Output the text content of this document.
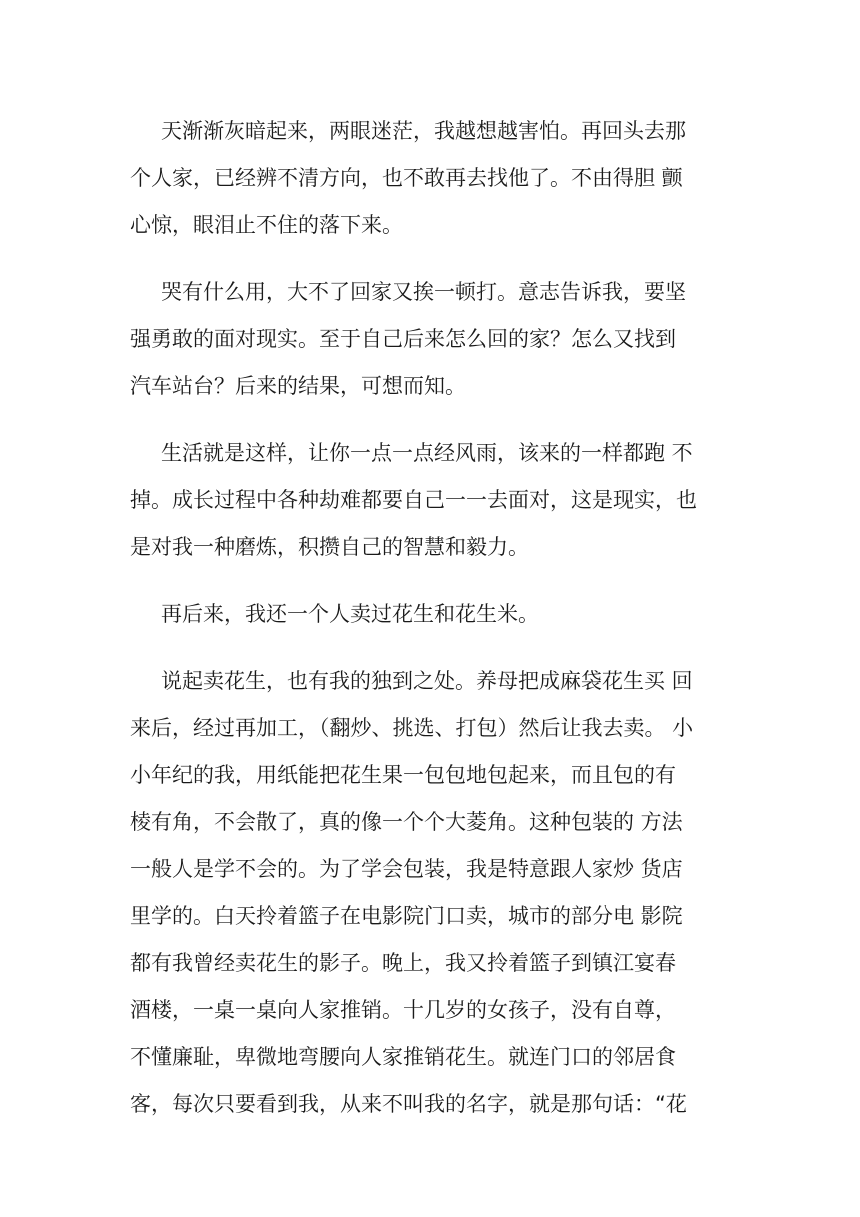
天渐渐灰暗起来，两眼迷茫，我越想越害怕。再回头去那
个人家，已经辨不清方向，也不敢再去找他了。不由得胆 颤
心惊，眼泪止不住的落下来。
哭有什么用，大不了回家又挨一顿打。意志告诉我，要坚
强勇敢的面对现实。至于自己后来怎么回的家？怎么又找到
汽车站台？后来的结果，可想而知。
生活就是这样，让你一点一点经风雨，该来的一样都跑 不
掉。成长过程中各种劫难都要自己一一去面对，这是现实，也
是对我一种磨炼，积攒自己的智慧和毅力。
再后来，我还一个人卖过花生和花生米。
说起卖花生，也有我的独到之处。养母把成麻袋花生买 回
来后，经过再加工，（翻炒、挑选、打包）然后让我去卖。 小
小年纪的我，用纸能把花生果一包包地包起来，而且包的有
棱有角，不会散了，真的像一个个大菱角。这种包装的 方法
一般人是学不会的。为了学会包装，我是特意跟人家炒 货店
里学的。白天拎着篮子在电影院门口卖，城市的部分电 影院
都有我曾经卖花生的影子。晚上，我又拎着篮子到镇江宴春
酒楼，一桌一桌向人家推销。十几岁的女孩子，没有自尊，
不懂廉耻，卑微地弯腰向人家推销花生。就连门口的邻居食
客，每次只要看到我，从来不叫我的名字，就是那句话：“花
